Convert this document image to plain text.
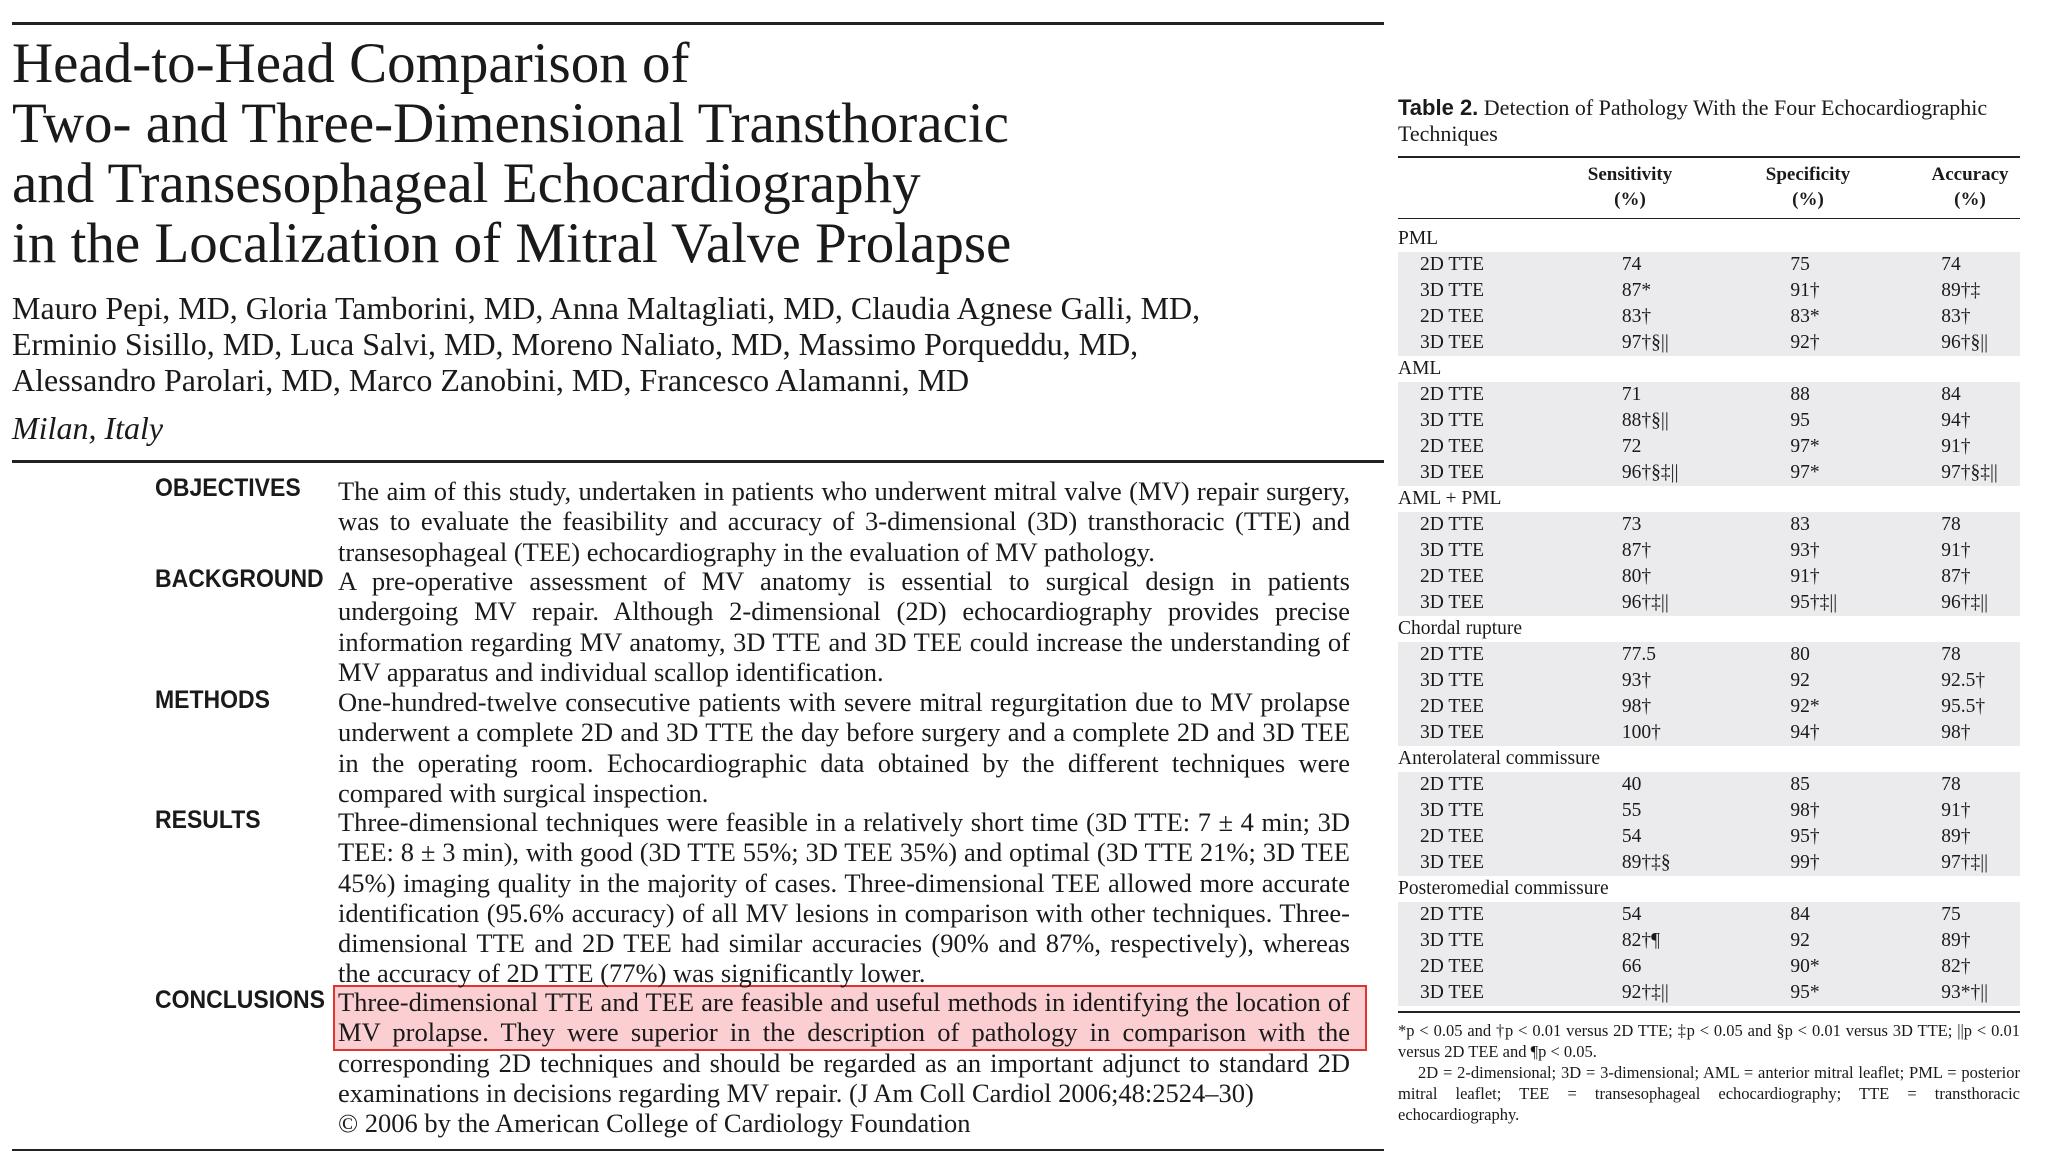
Head-to-Head Comparison of
Two- and Three-Dimensional Transthoracic
and Transesophageal Echocardiography
in the Localization of Mitral Valve Prolapse
Mauro Pepi, MD, Gloria Tamborini, MD, Anna Maltagliati, MD, Claudia Agnese Galli, MD,
Erminio Sisillo, MD, Luca Salvi, MD, Moreno Naliato, MD, Massimo Porqueddu, MD,
Alessandro Parolari, MD, Marco Zanobini, MD, Francesco Alamanni, MD
Milan, Italy
OBJECTIVES The aim of this study, undertaken in patients who underwent mitral valve (MV) repair surgery, was to evaluate the feasibility and accuracy of 3-dimensional (3D) transthoracic (TTE) and transesophageal (TEE) echocardiography in the evaluation of MV pathology.
BACKGROUND A pre-operative assessment of MV anatomy is essential to surgical design in patients undergoing MV repair. Although 2-dimensional (2D) echocardiography provides precise information regarding MV anatomy, 3D TTE and 3D TEE could increase the understanding of MV apparatus and individual scallop identification.
METHODS	One-hundred-twelve consecutive patients with severe mitral regurgitation due to MV prolapse underwent a complete 2D and 3D TTE the day before surgery and a complete 2D and 3D TEE in the operating room. Echocardiographic data obtained by the different techniques were compared with surgical inspection.
RESULTS	Three-dimensional techniques were feasible in a relatively short time (3D TTE: 7 ± 4 min; 3D TEE: 8 ± 3 min), with good (3D TTE 55%; 3D TEE 35%) and optimal (3D TTE 21%; 3D TEE 45%) imaging quality in the majority of cases. Three-dimensional TEE allowed more accurate identification (95.6% accuracy) of all MV lesions in comparison with other techniques. Three-dimensional TTE and 2D TEE had similar accuracies (90% and 87%, respectively), whereas the accuracy of 2D TTE (77%) was significantly lower.
CONCLUSIONS Three-dimensional TTE and TEE are feasible and useful methods in identifying the location of MV prolapse. They were superior in the description of pathology in comparison with the corresponding 2D techniques and should be regarded as an important adjunct to standard 2D examinations in decisions regarding MV repair. (J Am Coll Cardiol 2006;48:2524–30)
© 2006 by the American College of Cardiology Foundation
Table 2. Detection of Pathology With the Four Echocardiographic Techniques
Sensitivity
(%)
Specificity
(%)
Accuracy
(%)
PML			
2D TTE	74	75	74
3D TTE	87*	91†	89†‡
2D TEE	83†	83*	83†
3D TEE	97†§||	92†	96†§||
AML			
2D TTE	71	88	84
3D TTE	88†§||	95	94†
2D TEE	72	97*	91†
3D TEE	96†§‡||	97*	97†§‡||
AML + PML			
2D TTE	73	83	78
3D TTE	87†	93†	91†
2D TEE	80†	91†	87†
3D TEE	96†‡||	95†‡||	96†‡||
Chordal rupture			
2D TTE	77.5	80	78
3D TTE	93†	92	92.5†
2D TEE	98†	92*	95.5†
3D TEE	100†	94†	98†
Anterolateral commissure			
2D TTE	40	85	78
3D TTE	55	98†	91†
2D TEE	54	95†	89†
3D TEE	89†‡§	99†	97†‡||
Posteromedial commissure			
2D TTE	54	84	75
3D TTE	82†¶	92	89†
2D TEE	66	90*	82†
3D TEE	92†‡||	95*	93*†||
*p < 0.05 and †p < 0.01 versus 2D TTE; ‡p < 0.05 and §p < 0.01 versus 3D TTE; ||p < 0.01 versus 2D TEE and ¶p < 0.05.
2D = 2-dimensional; 3D = 3-dimensional; AML = anterior mitral leaflet; PML = posterior mitral leaflet; TEE = transesophageal echocardiography; TTE = transthoracic echocardiography.
